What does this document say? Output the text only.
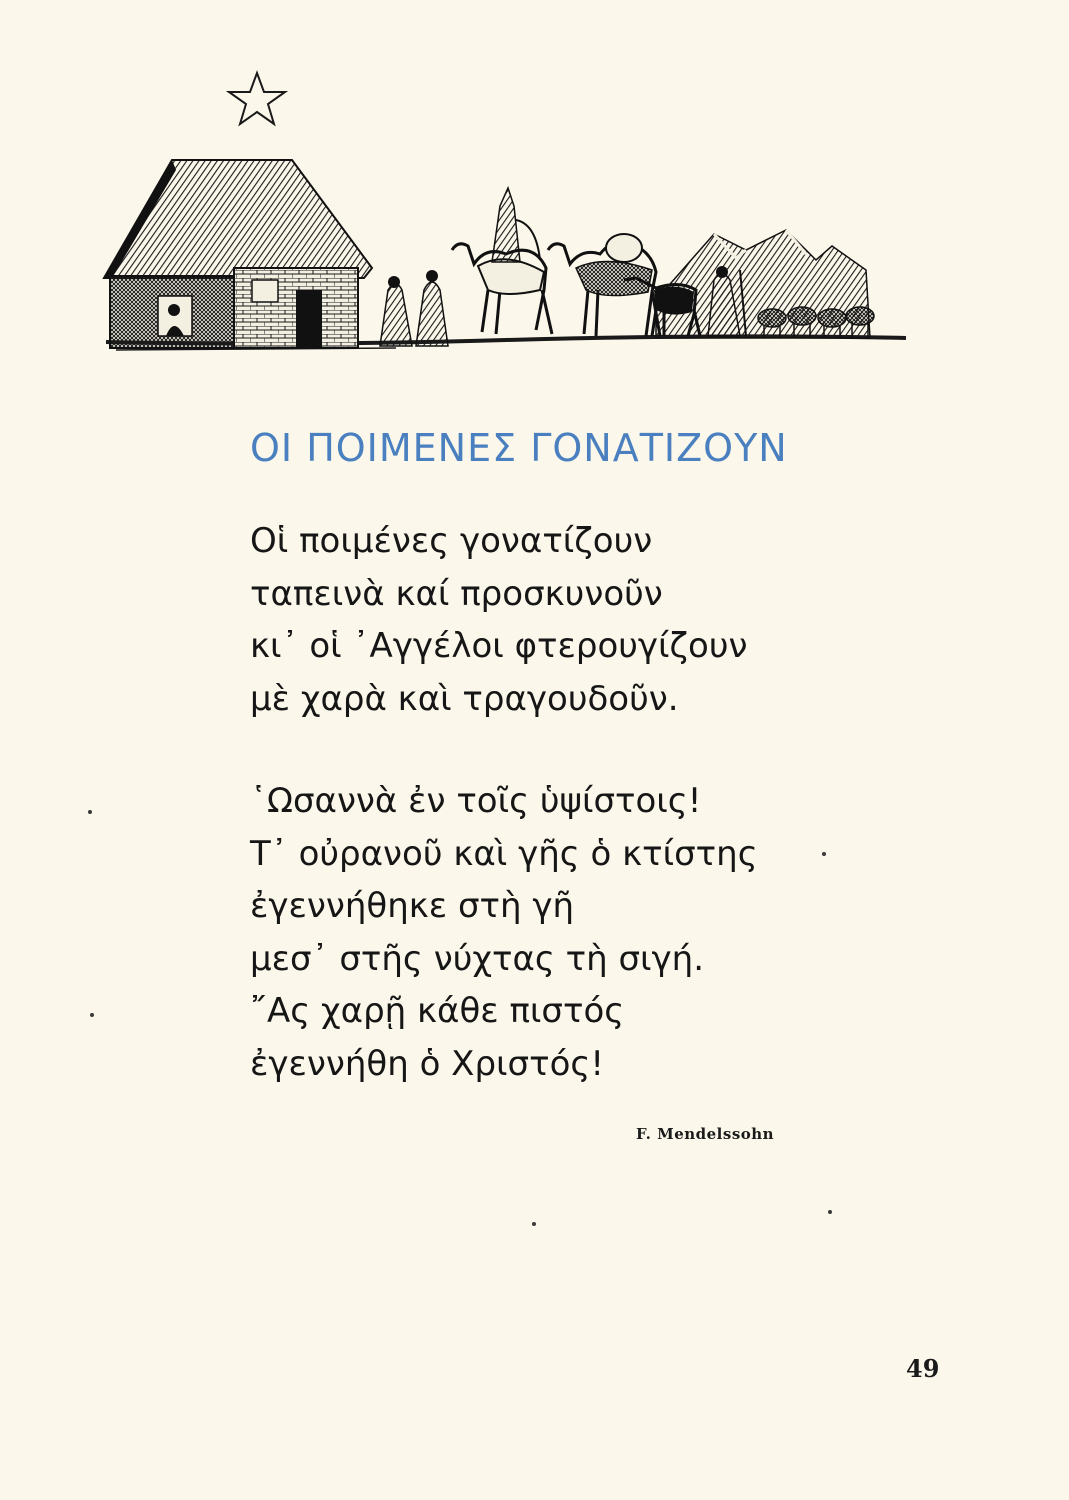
ΟΙ ΠΟΙΜΕΝΕΣ ΓΟΝΑΤΙΖΟΥΝ
Οἱ ποιμένες γονατίζουν
ταπεινὰ καί προσκυνοῦν
κι᾿ οἱ ᾿Αγγέλοι φτερουγίζουν
μὲ χαρὰ καὶ τραγουδοῦν.
῾Ωσαννὰ ἐν τοῖς ὑψίστοις!
Τ᾿ οὐρανοῦ καὶ γῆς ὁ κτίστης
ἐγεννήθηκε στὴ γῆ
μεσ᾿ στῆς νύχτας τὴ σιγή.
῎Ας χαρῇ κάθε πιστός
ἐγεννήθη ὁ Χριστός!
F. Mendelssohn
49
